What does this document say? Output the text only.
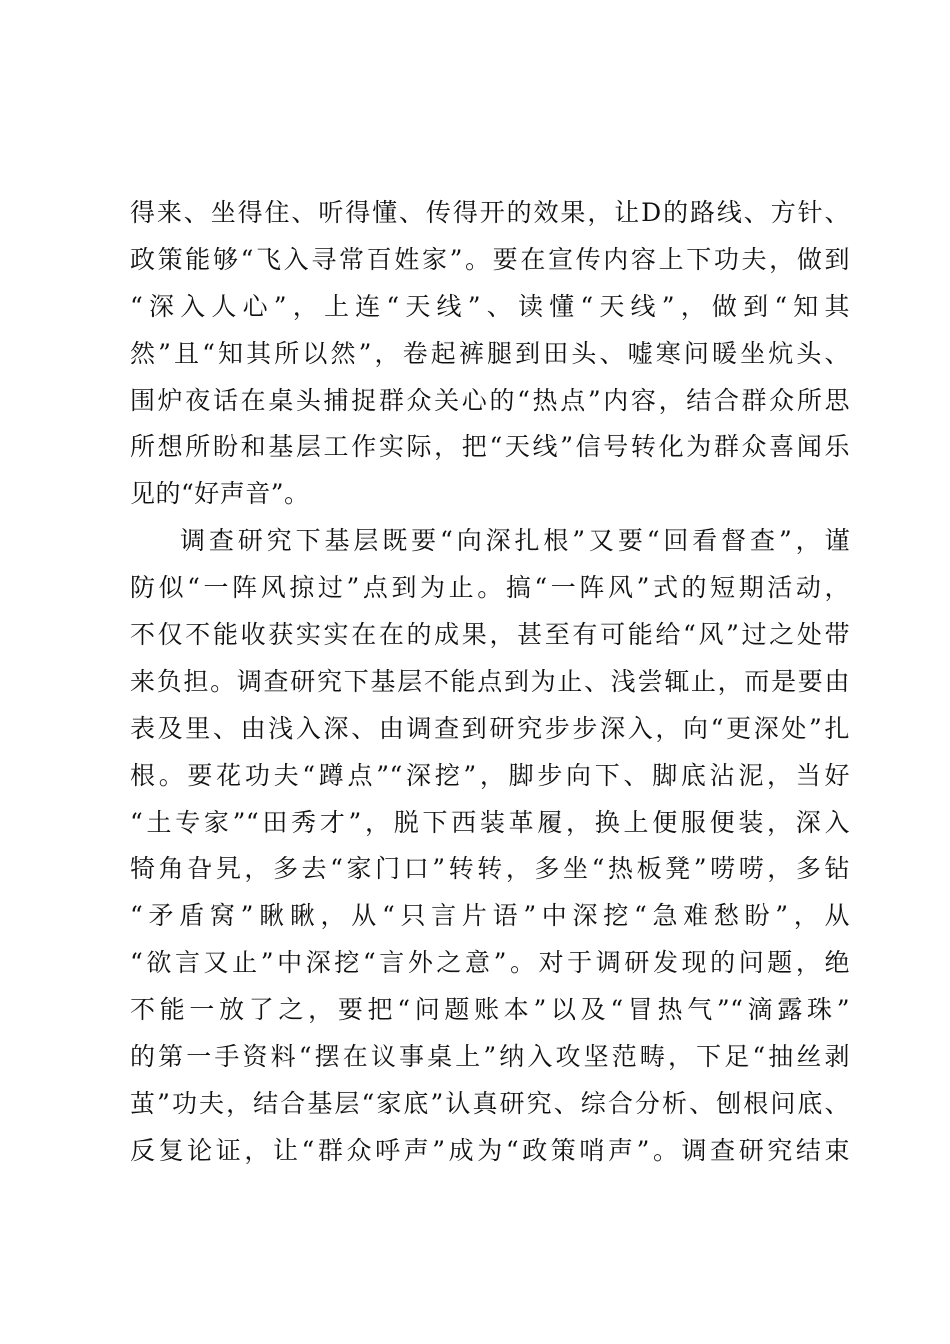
得来、坐得住、听得懂、传得开的效果，让D的路线、方针、
政策能够“飞入寻常百姓家”。要在宣传内容上下功夫，做到
“深入人心”，上连“天线”、读懂“天线”，做到“知其
然”且“知其所以然”，卷起裤腿到田头、嘘寒问暖坐炕头、
围炉夜话在桌头捕捉群众关心的“热点”内容，结合群众所思
所想所盼和基层工作实际，把“天线”信号转化为群众喜闻乐
见的“好声音”。
调查研究下基层既要“向深扎根”又要“回看督查”，谨
防似“一阵风掠过”点到为止。搞“一阵风”式的短期活动，
不仅不能收获实实在在的成果，甚至有可能给“风”过之处带
来负担。调查研究下基层不能点到为止、浅尝辄止，而是要由
表及里、由浅入深、由调查到研究步步深入，向“更深处”扎
根。要花功夫“蹲点”“深挖”，脚步向下、脚底沾泥，当好
“土专家”“田秀才”，脱下西装革履，换上便服便装，深入
犄角旮旯，多去“家门口”转转，多坐“热板凳”唠唠，多钻
“矛盾窝”瞅瞅，从“只言片语”中深挖“急难愁盼”，从
“欲言又止”中深挖“言外之意”。对于调研发现的问题，绝
不能一放了之，要把“问题账本”以及“冒热气”“滴露珠”
的第一手资料“摆在议事桌上”纳入攻坚范畴，下足“抽丝剥
茧”功夫，结合基层“家底”认真研究、综合分析、刨根问底、
反复论证，让“群众呼声”成为“政策哨声”。调查研究结束
